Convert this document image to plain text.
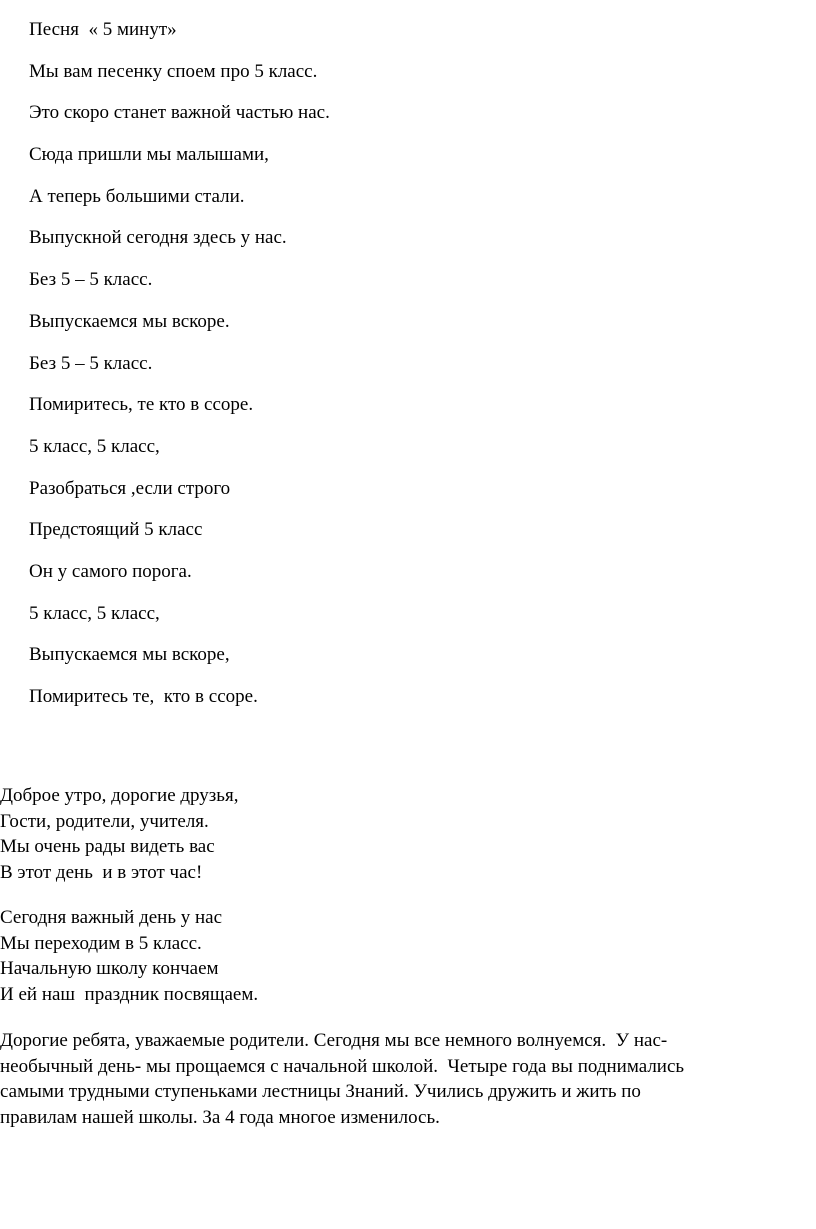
Песня  « 5 минут»
Мы вам песенку споем про 5 класс.
Это скоро станет важной частью нас.
Сюда пришли мы малышами,
А теперь большими стали.
Выпускной сегодня здесь у нас.
Без 5 – 5 класс.
Выпускаемся мы вскоре.
Без 5 – 5 класс.
Помиритесь, те кто в ссоре.
5 класс, 5 класс,
Разобраться ,если строго
Предстоящий 5 класс
Он у самого порога.
5 класс, 5 класс,
Выпускаемся мы вскоре,
Помиритесь те,  кто в ссоре.
Доброе утро, дорогие друзья,
Гости, родители, учителя.
Мы очень рады видеть вас
В этот день  и в этот час!
Сегодня важный день у нас
Мы переходим в 5 класс.
Начальную школу кончаем
И ей наш  праздник посвящаем.
Дорогие ребята, уважаемые родители. Сегодня мы все немного волнуемся.  У нас-
необычный день- мы прощаемся с начальной школой.  Четыре года вы поднимались
самыми трудными ступеньками лестницы Знаний. Учились дружить и жить по
правилам нашей школы. За 4 года многое изменилось.
